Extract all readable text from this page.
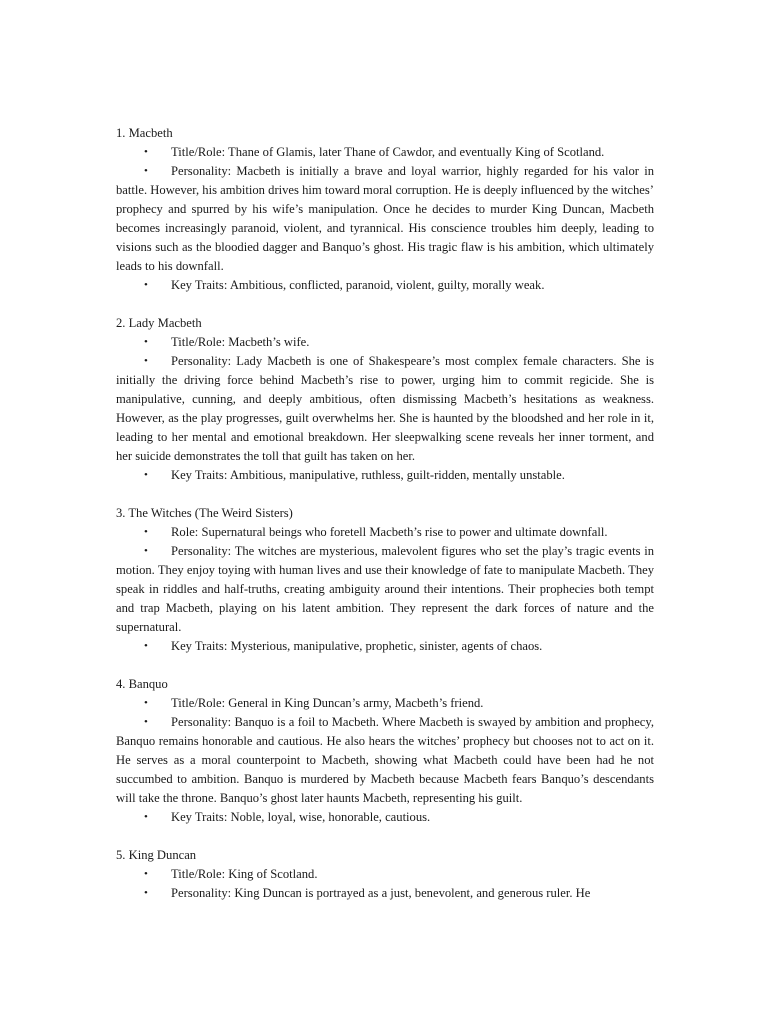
1. Macbeth

• Title/Role: Thane of Glamis, later Thane of Cawdor, and eventually King of Scotland.

• Personality: Macbeth is initially a brave and loyal warrior, highly regarded for his valor in battle. However, his ambition drives him toward moral corruption. He is deeply influenced by the witches’ prophecy and spurred by his wife’s manipulation. Once he decides to murder King Duncan, Macbeth becomes increasingly paranoid, violent, and tyrannical. His conscience troubles him deeply, leading to visions such as the bloodied dagger and Banquo’s ghost. His tragic flaw is his ambition, which ultimately leads to his downfall.

• Key Traits: Ambitious, conflicted, paranoid, violent, guilty, morally weak.

2. Lady Macbeth

• Title/Role: Macbeth’s wife.

• Personality: Lady Macbeth is one of Shakespeare’s most complex female characters. She is initially the driving force behind Macbeth’s rise to power, urging him to commit regicide. She is manipulative, cunning, and deeply ambitious, often dismissing Macbeth’s hesitations as weakness. However, as the play progresses, guilt overwhelms her. She is haunted by the bloodshed and her role in it, leading to her mental and emotional breakdown. Her sleepwalking scene reveals her inner torment, and her suicide demonstrates the toll that guilt has taken on her.

• Key Traits: Ambitious, manipulative, ruthless, guilt-ridden, mentally unstable.

3. The Witches (The Weird Sisters)

• Role: Supernatural beings who foretell Macbeth’s rise to power and ultimate downfall.

• Personality: The witches are mysterious, malevolent figures who set the play’s tragic events in motion. They enjoy toying with human lives and use their knowledge of fate to manipulate Macbeth. They speak in riddles and half-truths, creating ambiguity around their intentions. Their prophecies both tempt and trap Macbeth, playing on his latent ambition. They represent the dark forces of nature and the supernatural.

• Key Traits: Mysterious, manipulative, prophetic, sinister, agents of chaos.

4. Banquo

• Title/Role: General in King Duncan’s army, Macbeth’s friend.

• Personality: Banquo is a foil to Macbeth. Where Macbeth is swayed by ambition and prophecy, Banquo remains honorable and cautious. He also hears the witches’ prophecy but chooses not to act on it. He serves as a moral counterpoint to Macbeth, showing what Macbeth could have been had he not succumbed to ambition. Banquo is murdered by Macbeth because Macbeth fears Banquo’s descendants will take the throne. Banquo’s ghost later haunts Macbeth, representing his guilt.

• Key Traits: Noble, loyal, wise, honorable, cautious.

5. King Duncan

• Title/Role: King of Scotland.

• Personality: King Duncan is portrayed as a just, benevolent, and generous ruler. He
